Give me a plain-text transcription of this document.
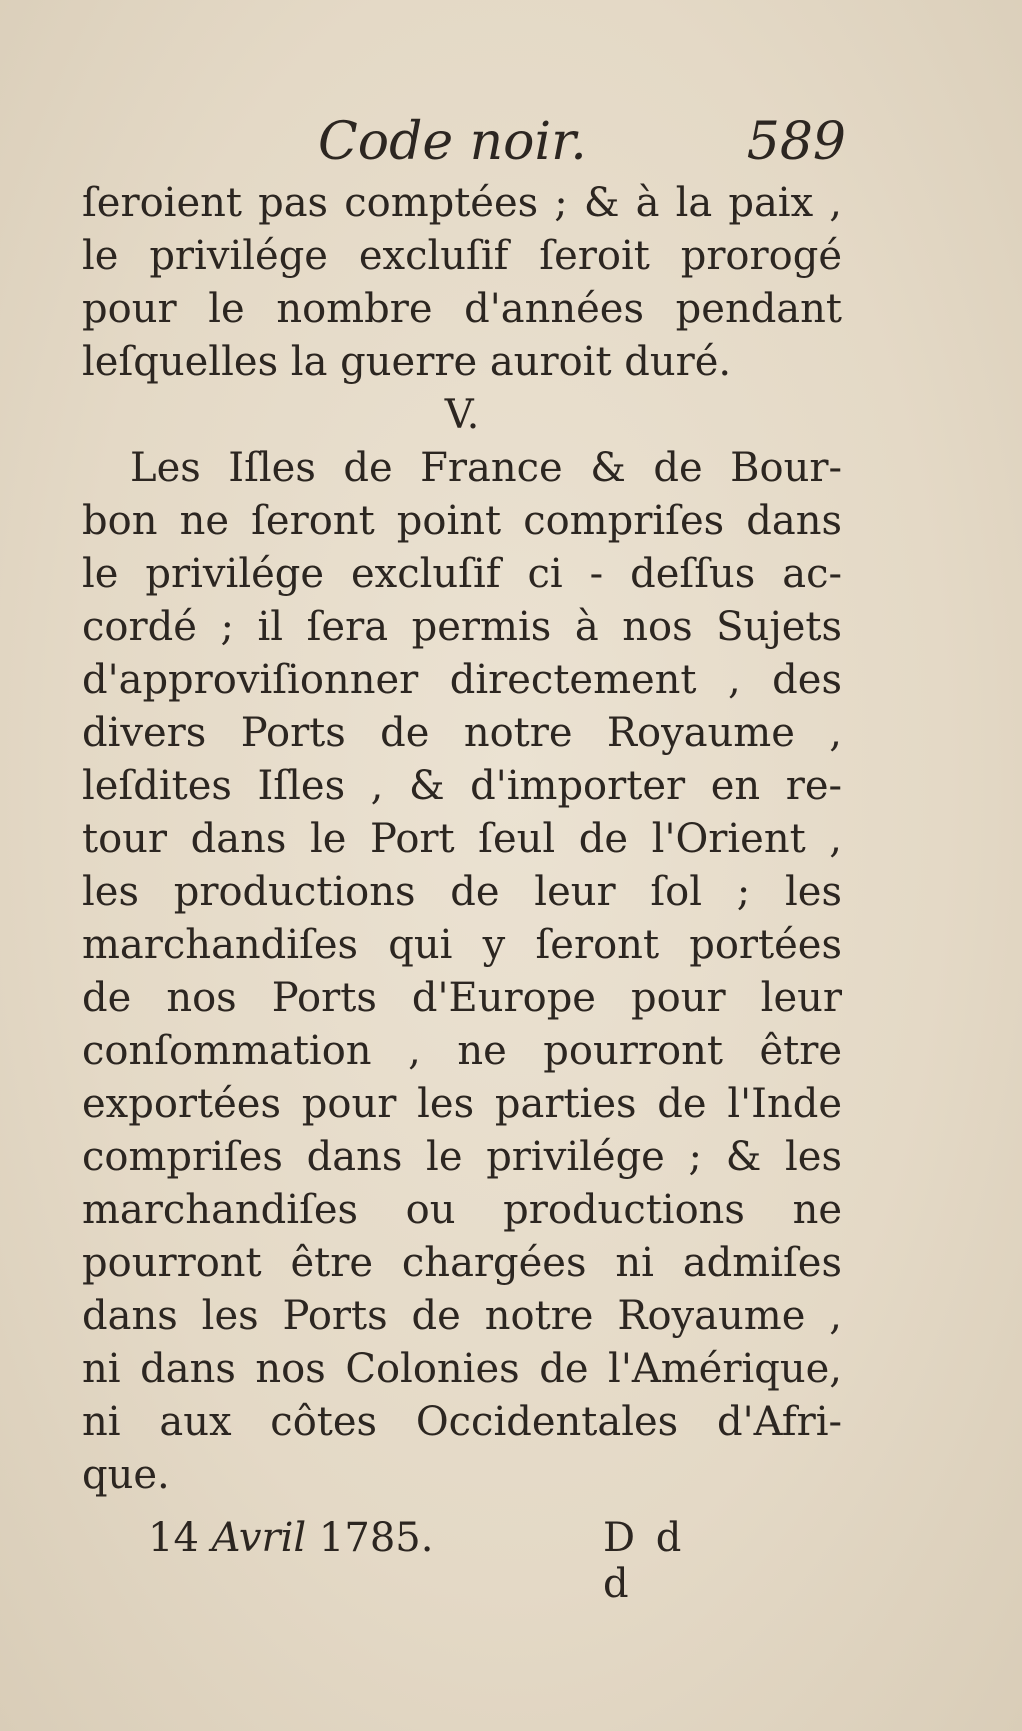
Code noir.	589
ſeroient pas comptées ; & à la paix ,
le privilége excluſif ſeroit prorogé
pour le nombre d'années pendant
leſquelles la guerre auroit duré.
V.
Les Iſles de France & de Bour-
bon ne ſeront point compriſes dans
le privilége excluſif ci - deſſus ac-
cordé ; il ſera permis à nos Sujets
d'approviſionner directement , des
divers Ports de notre Royaume ,
leſdites Iſles , & d'importer en re-
tour dans le Port ſeul de l'Orient ,
les productions de leur ſol ; les
marchandiſes qui y ſeront portées
de nos Ports d'Europe pour leur
conſommation , ne pourront être
exportées pour les parties de l'Inde
compriſes dans le privilége ; & les
marchandiſes ou productions ne
pourront être chargées ni admiſes
dans les Ports de notre Royaume ,
ni dans nos Colonies de l'Amérique,
ni aux côtes Occidentales d'Afri-
que.
14 Avril 1785.	D d d
